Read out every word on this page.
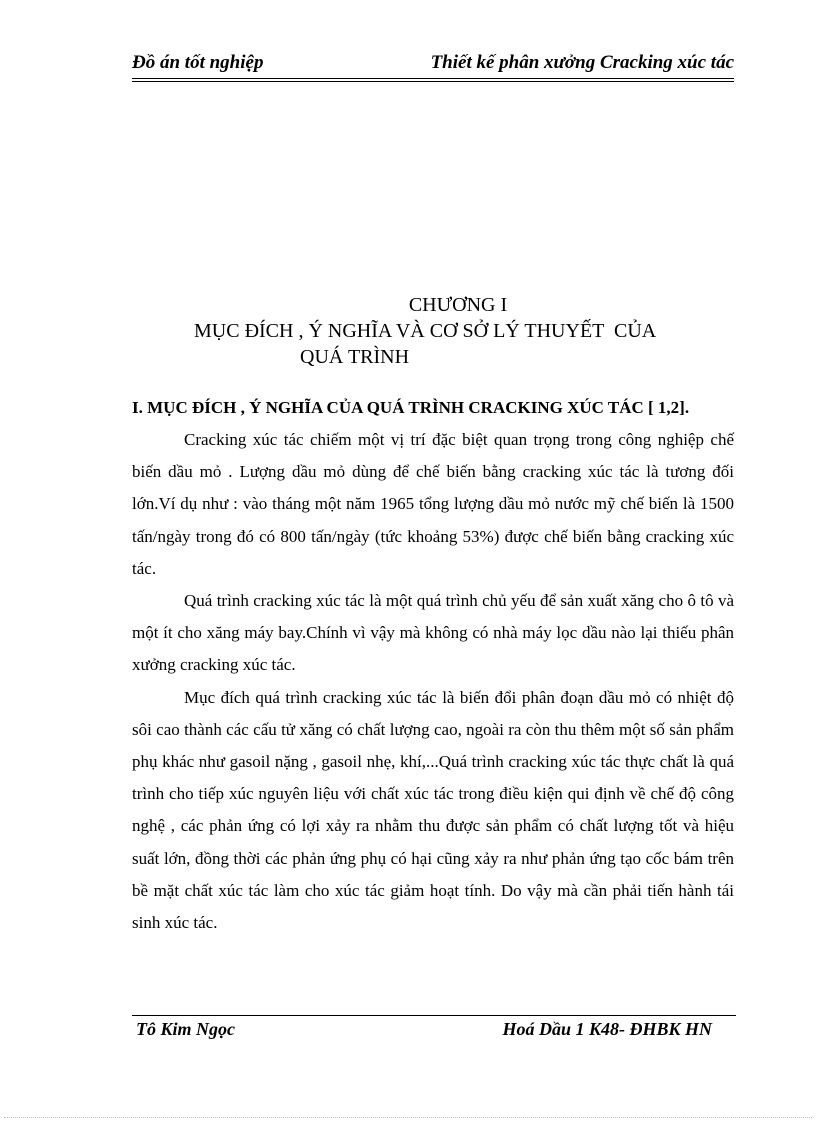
Đồ án tốt nghiệp	Thiết kế phân xưởng Cracking xúc tác
CHƯƠNG I
MỤC ĐÍCH , Ý NGHĨA VÀ CƠ SỞ LÝ THUYẾT  CỦA
QUÁ TRÌNH
I. MỤC ĐÍCH , Ý NGHĨA CỦA QUÁ TRÌNH CRACKING XÚC TÁC [ 1,2].

Cracking xúc tác chiếm một vị trí đặc biệt quan trọng trong công nghiệp chế biến dầu mỏ . Lượng dầu mỏ dùng để chế biến bằng cracking xúc tác là tương đối lớn.Ví dụ như : vào tháng một năm 1965 tổng lượng dầu mỏ nước mỹ chế biến là 1500 tấn/ngày trong đó có 800 tấn/ngày (tức khoảng 53%) được chế biến bằng cracking xúc tác.

Quá trình cracking xúc tác là một quá trình chủ yếu để sản xuất xăng cho ô tô và một ít cho xăng máy bay.Chính vì vậy mà không có nhà máy lọc dầu nào lại thiếu phân xưởng cracking xúc tác.

Mục đích quá trình cracking xúc tác là biến đổi phân đoạn dầu mỏ có nhiệt độ sôi cao thành các cấu tử xăng có chất lượng cao, ngoài ra còn thu thêm một số sản phẩm phụ khác như gasoil nặng , gasoil nhẹ, khí,...Quá trình cracking xúc tác thực chất là quá trình cho tiếp xúc nguyên liệu với chất xúc tác trong điều kiện qui định về chế độ công nghệ , các phản ứng có lợi xảy ra nhằm thu được sản phẩm có chất lượng tốt và hiệu suất lớn, đồng thời các phản ứng phụ có hại cũng xảy ra như phản ứng tạo cốc bám trên bề mặt chất xúc tác làm cho xúc tác giảm hoạt tính. Do vậy mà cần phải tiến hành tái sinh xúc tác.

Tô Kim Ngọc	Hoá Dầu 1 K48- ĐHBK HN
